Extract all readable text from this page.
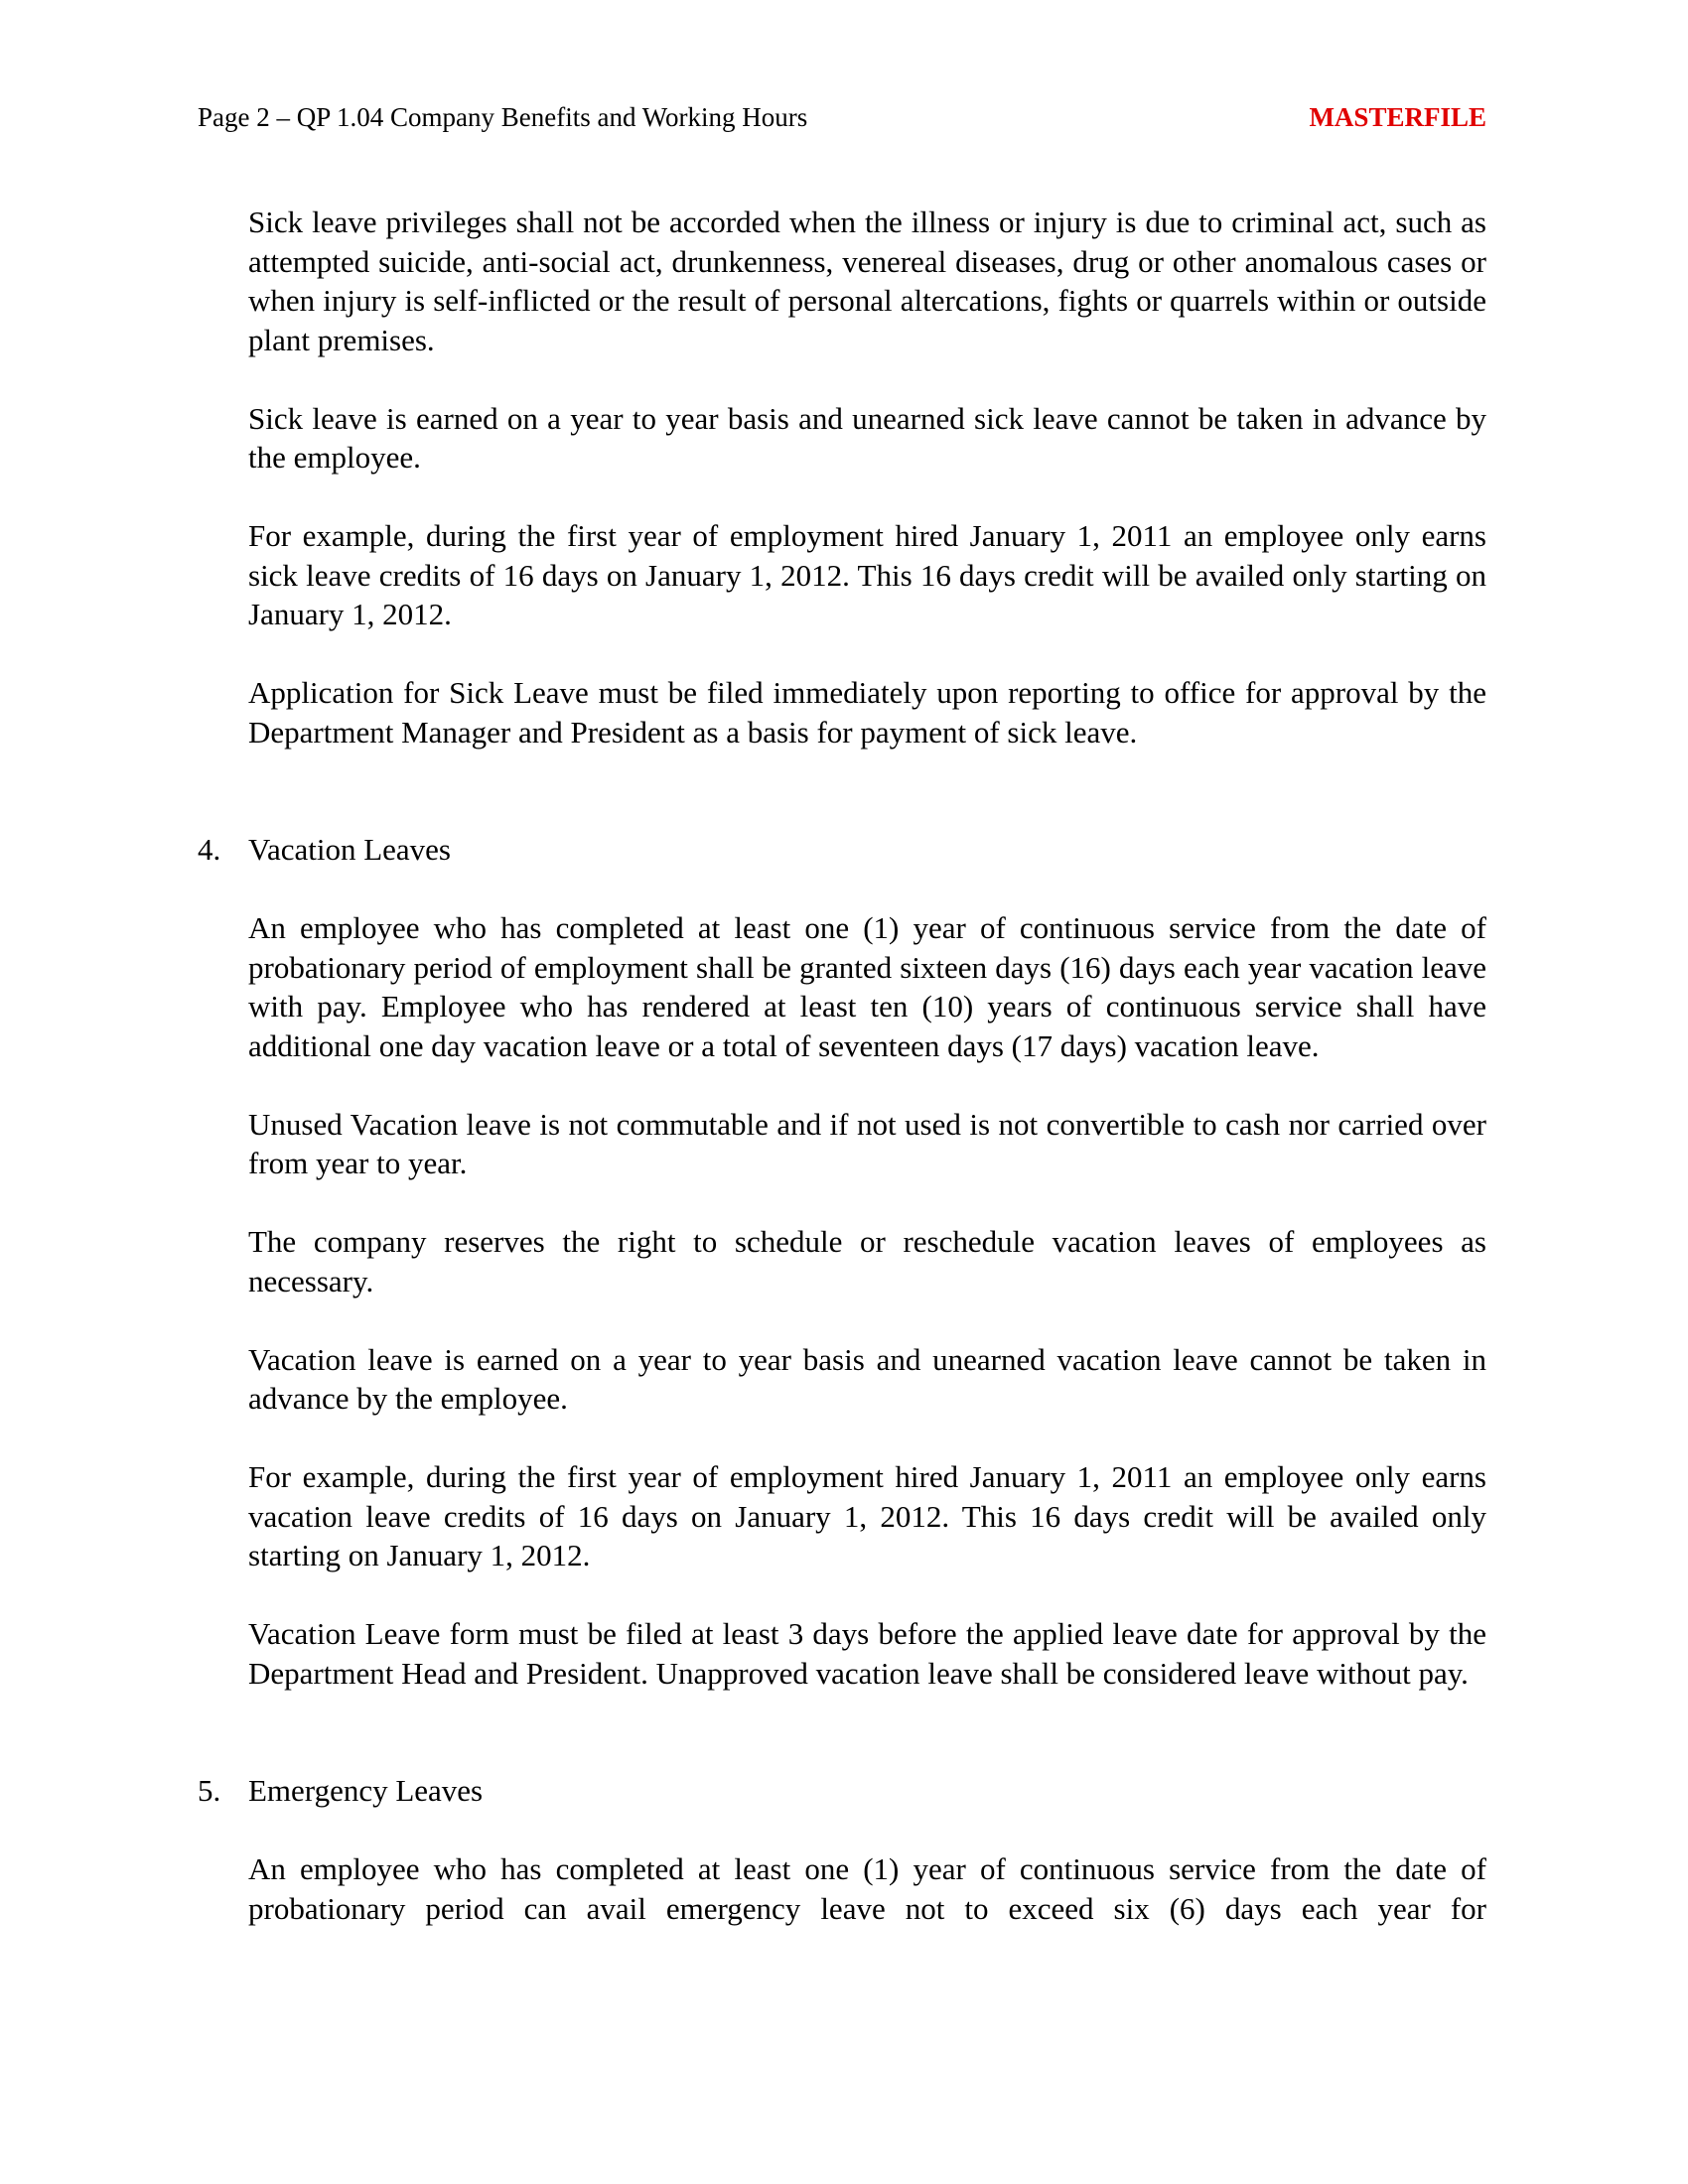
Page 2 – QP 1.04 Company Benefits and Working Hours	MASTERFILE

Sick leave privileges shall not be accorded when the illness or injury is due to criminal act, such as attempted suicide, anti-social act, drunkenness, venereal diseases, drug or other anomalous cases or when injury is self-inflicted or the result of personal altercations, fights or quarrels within or outside plant premises.

Sick leave is earned on a year to year basis and unearned sick leave cannot be taken in advance by the employee.

For example, during the first year of employment hired January 1, 2011 an employee only earns sick leave credits of 16 days on January 1, 2012. This 16 days credit will be availed only starting on January 1, 2012.

Application for Sick Leave must be filed immediately upon reporting to office for approval by the Department Manager and President as a basis for payment of sick leave.

4. Vacation Leaves

An employee who has completed at least one (1) year of continuous service from the date of probationary period of employment shall be granted sixteen days (16) days each year vacation leave with pay. Employee who has rendered at least ten (10) years of continuous service shall have additional one day vacation leave or a total of seventeen days (17 days) vacation leave.

Unused Vacation leave is not commutable and if not used is not convertible to cash nor carried over from year to year.

The company reserves the right to schedule or reschedule vacation leaves of employees as necessary.

Vacation leave is earned on a year to year basis and unearned vacation leave cannot be taken in advance by the employee.

For example, during the first year of employment hired January 1, 2011 an employee only earns vacation leave credits of 16 days on January 1, 2012. This 16 days credit will be availed only starting on January 1, 2012.

Vacation Leave form must be filed at least 3 days before the applied leave date for approval by the Department Head and President. Unapproved vacation leave shall be considered leave without pay.

5. Emergency Leaves

An employee who has completed at least one (1) year of continuous service from the date of probationary period can avail emergency leave not to exceed six (6) days each year for
